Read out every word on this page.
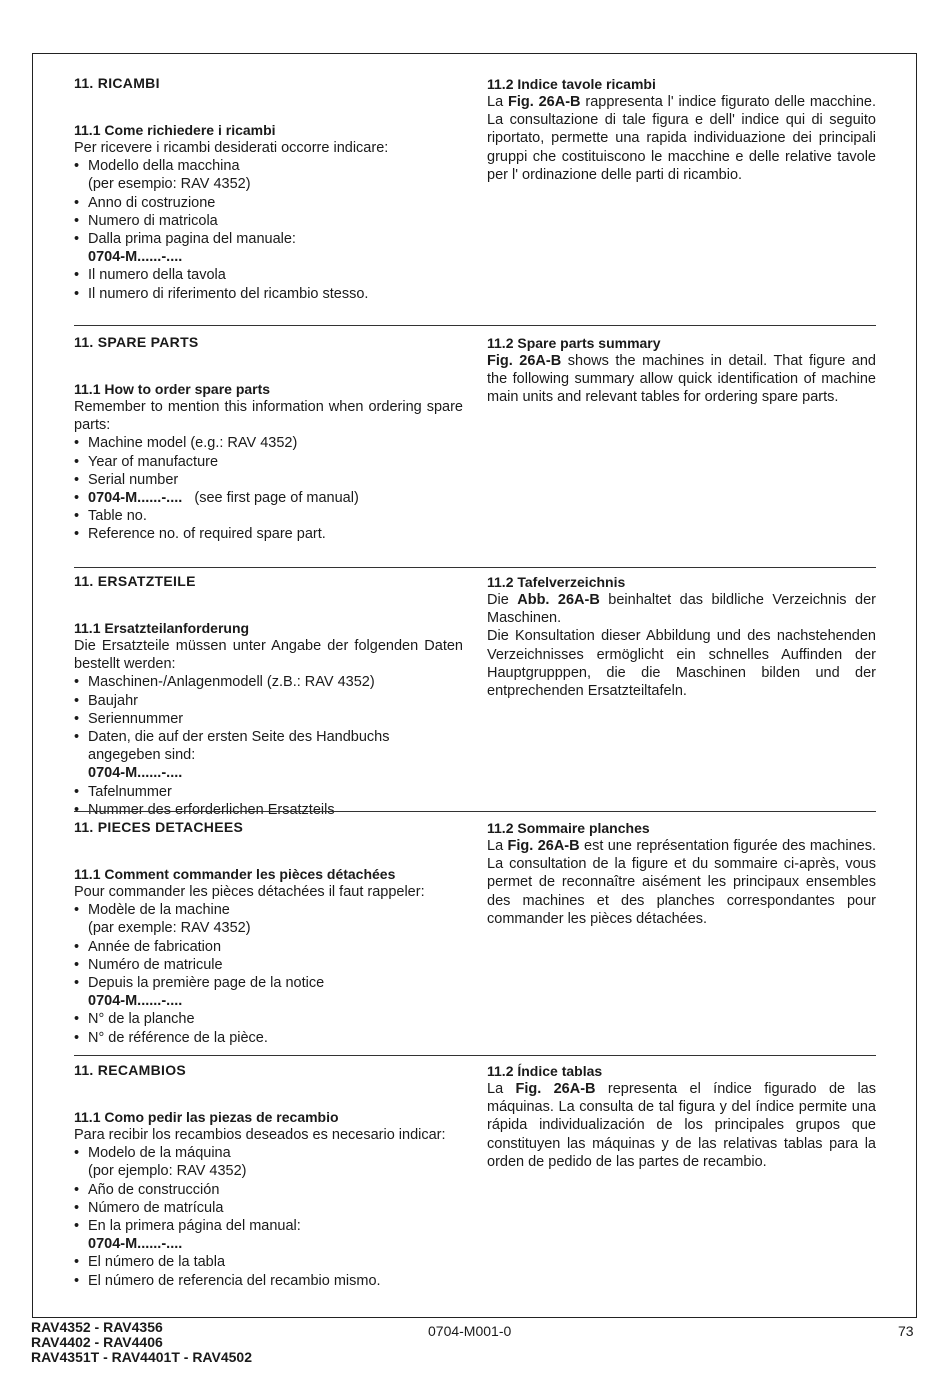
11. RICAMBI
11.1 Come richiedere i ricambi
Per ricevere i ricambi desiderati occorre indicare:
• Modello della macchina
(per esempio: RAV 4352)
• Anno di costruzione
• Numero di matricola
• Dalla prima pagina del manuale:
0704-M......-....
• Il numero della tavola
• Il numero di riferimento del ricambio stesso.
11.2 Indice tavole ricambi
La Fig. 26A-B rappresenta l' indice figurato delle macchine. La consultazione di tale figura e dell' indice qui di seguito riportato, permette una rapida individuazione dei principali gruppi che costituiscono le macchine e delle relative tavole per l' ordinazione delle parti di ricambio.
11. SPARE PARTS
11.1 How to order spare parts
Remember to mention this information when ordering spare parts:
• Machine model (e.g.: RAV 4352)
• Year of manufacture
• Serial number
• 0704-M......-....   (see first page of manual)
• Table no.
• Reference no. of required spare part.
11.2 Spare parts summary
Fig. 26A-B shows the machines in detail. That figure and the following summary allow quick identification of machine main units and relevant tables for ordering spare parts.
11. ERSATZTEILE
11.1 Ersatzteilanforderung
Die Ersatzteile müssen unter Angabe der folgenden Daten bestellt werden:
• Maschinen-/Anlagenmodell (z.B.: RAV 4352)
• Baujahr
• Seriennummer
• Daten, die auf der ersten Seite des Handbuchs angegeben sind:
0704-M......-....
• Tafelnummer
• Nummer des erforderlichen Ersatzteils
11.2 Tafelverzeichnis
Die Abb. 26A-B beinhaltet das bildliche Verzeichnis der Maschinen.
Die Konsultation dieser Abbildung und des nachstehenden Verzeichnisses ermöglicht ein schnelles Auffinden der Hauptgrupppen, die die Maschinen bilden und der entprechenden Ersatzteiltafeln.
11. PIECES DETACHEES
11.1 Comment commander les pièces détachées
Pour commander les pièces détachées il faut rappeler:
• Modèle de la machine
(par exemple: RAV 4352)
• Année de fabrication
• Numéro de matricule
• Depuis la première page de la notice
0704-M......-....
• N° de la planche
• N° de référence de la pièce.
11.2 Sommaire planches
La Fig. 26A-B est une représentation figurée des machines. La consultation de la figure et du sommaire ci-après, vous permet de reconnaître aisément les principaux ensembles des machines et des planches correspondantes pour commander les pièces détachées.
11. RECAMBIOS
11.1 Como pedir las piezas de recambio
Para recibir los recambios deseados es necesario indicar:
• Modelo de la máquina
(por ejemplo: RAV 4352)
• Año de construcción
• Número de matrícula
• En la primera página del manual:
0704-M......-....
• El número de la tabla
• El número de referencia del recambio mismo.
11.2 Índice tablas
La Fig. 26A-B representa el índice figurado de las máquinas. La consulta de tal figura y del índice permite una rápida individualización de los principales grupos que constituyen las máquinas y de las relativas tablas para la orden de pedido de las partes de recambio.
RAV4352 - RAV4356
RAV4402 - RAV4406
RAV4351T - RAV4401T - RAV4502
0704-M001-0	73
